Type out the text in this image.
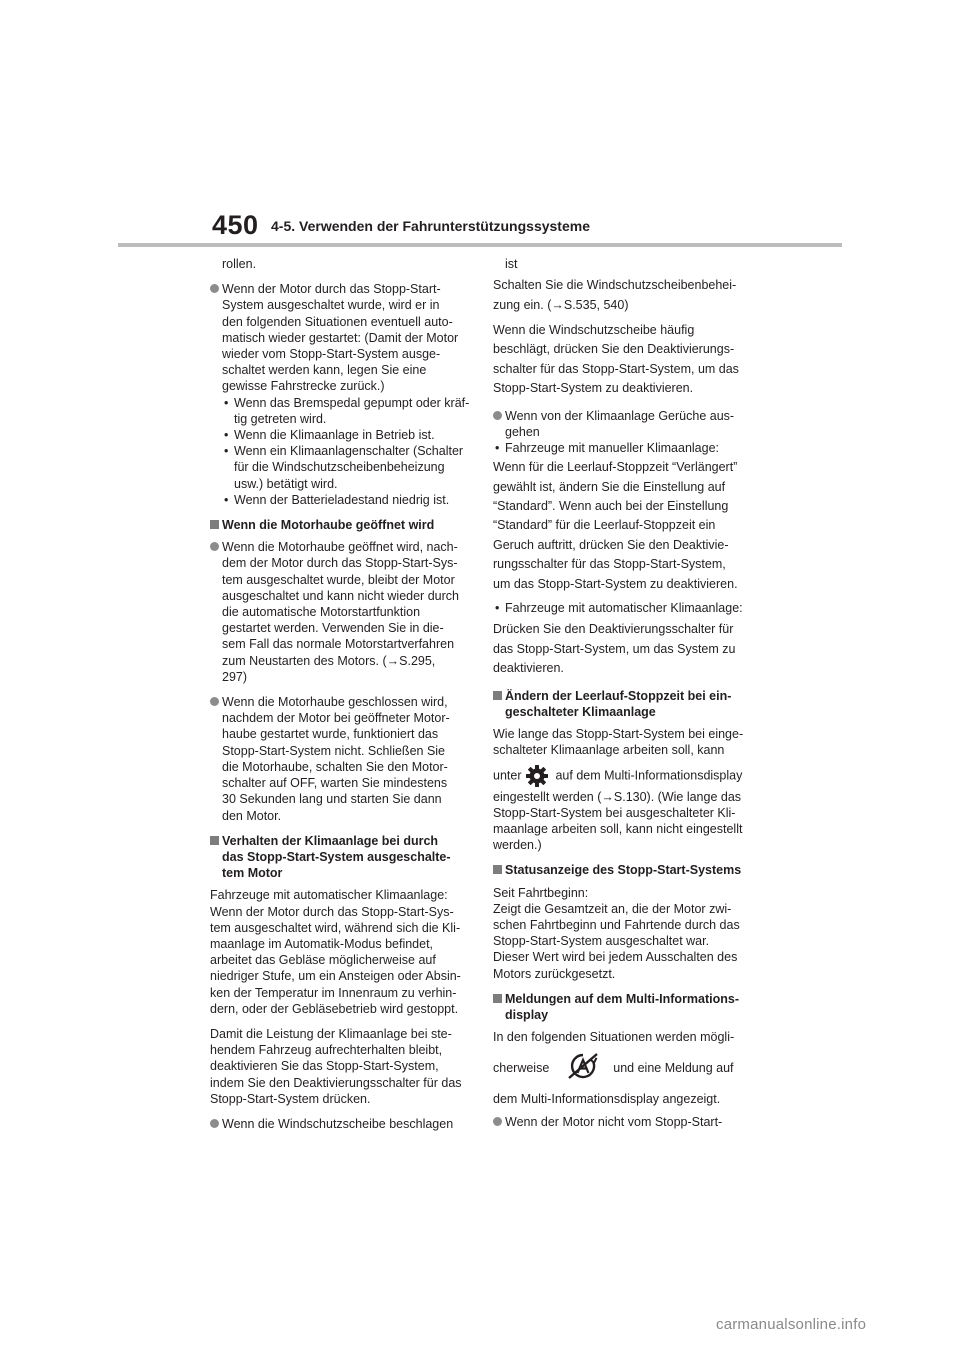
450 4-5. Verwenden der Fahrunterstützungssysteme
rollen.
Wenn der Motor durch das Stopp-Start-
System ausgeschaltet wurde, wird er in
den folgenden Situationen eventuell auto-
matisch wieder gestartet: (Damit der Motor
wieder vom Stopp-Start-System ausge-
schaltet werden kann, legen Sie eine
gewisse Fahrstrecke zurück.)
• Wenn das Bremspedal gepumpt oder kräf-
tig getreten wird.
• Wenn die Klimaanlage in Betrieb ist.
• Wenn ein Klimaanlagenschalter (Schalter
für die Windschutzscheibenbeheizung
usw.) betätigt wird.
• Wenn der Batterieladestand niedrig ist.
Wenn die Motorhaube geöffnet wird
Wenn die Motorhaube geöffnet wird, nach-
dem der Motor durch das Stopp-Start-Sys-
tem ausgeschaltet wurde, bleibt der Motor
ausgeschaltet und kann nicht wieder durch
die automatische Motorstartfunktion
gestartet werden. Verwenden Sie in die-
sem Fall das normale Motorstartverfahren
zum Neustarten des Motors. (→S.295,
297)
Wenn die Motorhaube geschlossen wird,
nachdem der Motor bei geöffneter Motor-
haube gestartet wurde, funktioniert das
Stopp-Start-System nicht. Schließen Sie
die Motorhaube, schalten Sie den Motor-
schalter auf OFF, warten Sie mindestens
30 Sekunden lang und starten Sie dann
den Motor.
Verhalten der Klimaanlage bei durch
das Stopp-Start-System ausgeschalte-
tem Motor
Fahrzeuge mit automatischer Klimaanlage:
Wenn der Motor durch das Stopp-Start-Sys-
tem ausgeschaltet wird, während sich die Kli-
maanlage im Automatik-Modus befindet,
arbeitet das Gebläse möglicherweise auf
niedriger Stufe, um ein Ansteigen oder Absin-
ken der Temperatur im Innenraum zu verhin-
dern, oder der Gebläsebetrieb wird gestoppt.
Damit die Leistung der Klimaanlage bei ste-
hendem Fahrzeug aufrechterhalten bleibt,
deaktivieren Sie das Stopp-Start-System,
indem Sie den Deaktivierungsschalter für das
Stopp-Start-System drücken.
Wenn die Windschutzscheibe beschlagen
ist
Schalten Sie die Windschutzscheibenbehei-
zung ein. (→S.535, 540)
Wenn die Windschutzscheibe häufig
beschlägt, drücken Sie den Deaktivierungs-
schalter für das Stopp-Start-System, um das
Stopp-Start-System zu deaktivieren.
Wenn von der Klimaanlage Gerüche aus-
gehen
• Fahrzeuge mit manueller Klimaanlage:
Wenn für die Leerlauf-Stoppzeit “Verlängert”
gewählt ist, ändern Sie die Einstellung auf
“Standard”. Wenn auch bei der Einstellung
“Standard” für die Leerlauf-Stoppzeit ein
Geruch auftritt, drücken Sie den Deaktivie-
rungsschalter für das Stopp-Start-System,
um das Stopp-Start-System zu deaktivieren.
• Fahrzeuge mit automatischer Klimaanlage:
Drücken Sie den Deaktivierungsschalter für
das Stopp-Start-System, um das System zu
deaktivieren.
Ändern der Leerlauf-Stoppzeit bei ein-
geschalteter Klimaanlage
Wie lange das Stopp-Start-System bei einge-
schalteter Klimaanlage arbeiten soll, kann
unter	auf dem Multi-Informationsdisplay
eingestellt werden (→S.130). (Wie lange das
Stopp-Start-System bei ausgeschalteter Kli-
maanlage arbeiten soll, kann nicht eingestellt
werden.)
Statusanzeige des Stopp-Start-Systems
Seit Fahrtbeginn:
Zeigt die Gesamtzeit an, die der Motor zwi-
schen Fahrtbeginn und Fahrtende durch das
Stopp-Start-System ausgeschaltet war.
Dieser Wert wird bei jedem Ausschalten des
Motors zurückgesetzt.
Meldungen auf dem Multi-Informations-
display
In den folgenden Situationen werden mögli-
cherweise	und eine Meldung auf
dem Multi-Informationsdisplay angezeigt.
Wenn der Motor nicht vom Stopp-Start-
carmanualsonline.info
